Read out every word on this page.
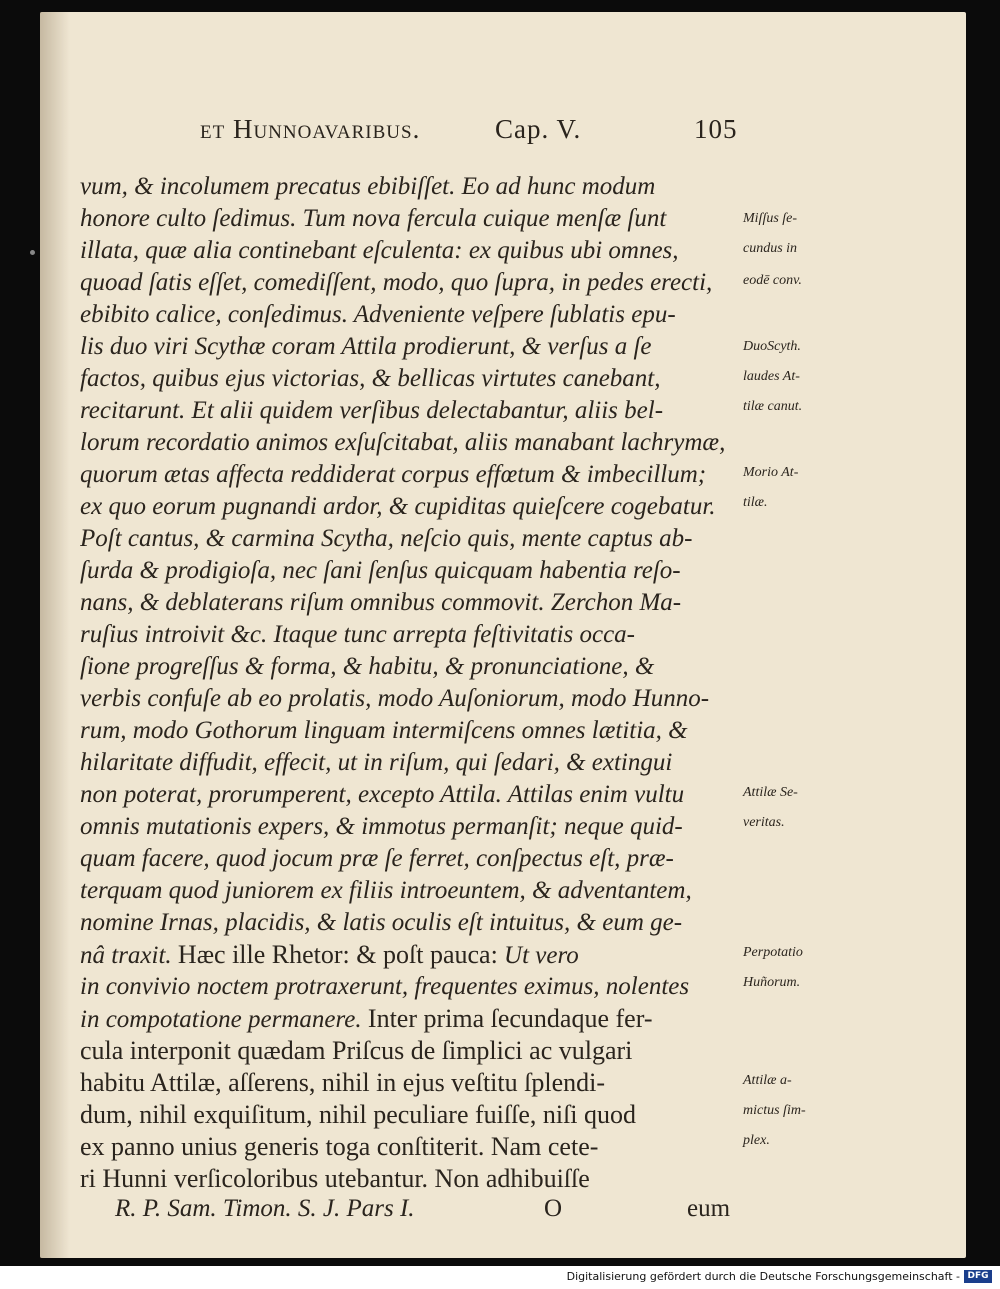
et Hunnoavaribus.	Cap. V.	105
vum, & incolumem precatus ebibiſſet. Eo ad hunc modum
honore culto ſedimus. Tum nova fercula cuique menſæ ſunt
illata, quæ alia continebant eſculenta: ex quibus ubi omnes,
quoad ſatis eſſet, comediſſent, modo, quo ſupra, in pedes erecti,
ebibito calice, conſedimus. Adveniente veſpere ſublatis epu-
lis duo viri Scythæ coram Attila prodierunt, & verſus a ſe
factos, quibus ejus victorias, & bellicas virtutes canebant,
recitarunt. Et alii quidem verſibus delectabantur, aliis bel-
lorum recordatio animos exſuſcitabat, aliis manabant lachrymæ,
quorum ætas affecta reddiderat corpus effœtum & imbecillum;
ex quo eorum pugnandi ardor, & cupiditas quieſcere cogebatur.
Poſt cantus, & carmina Scytha, neſcio quis, mente captus ab-
ſurda & prodigioſa, nec ſani ſenſus quicquam habentia reſo-
nans, & deblaterans riſum omnibus commovit. Zerchon Ma-
ruſius introivit &c. Itaque tunc arrepta feſtivitatis occa-
ſione progreſſus & forma, & habitu, & pronunciatione, &
verbis confuſe ab eo prolatis, modo Auſoniorum, modo Hunno-
rum, modo Gothorum linguam intermiſcens omnes lætitia, &
hilaritate diffudit, effecit, ut in riſum, qui ſedari, & extingui
non poterat, prorumperent, excepto Attila. Attilas enim vultu
omnis mutationis expers, & immotus permanſit; neque quid-
quam facere, quod jocum præ ſe ferret, conſpectus eſt, præ-
terquam quod juniorem ex filiis introeuntem, & adventantem,
nomine Irnas, placidis, & latis oculis eſt intuitus, & eum ge-
nâ traxit. Hæc ille Rhetor: & poſt pauca: Ut vero
in convivio noctem protraxerunt, frequentes eximus, nolentes
in compotatione permanere. Inter prima ſecundaque fer-
cula interponit quædam Priſcus de ſimplici ac vulgari
habitu Attilæ, aſſerens, nihil in ejus veſtitu ſplendi-
dum, nihil exquiſitum, nihil peculiare fuiſſe, niſi quod
ex panno unius generis toga conſtiterit. Nam cete-
ri Hunni verſicoloribus utebantur. Non adhibuiſſe
Miſſus ſe-
cundus in
eodē conv.
DuoScyth.
laudes At-
tilæ canut.
Morio At-
tilæ.
Attilæ Se-
veritas.
Perpotatio
Huñorum.
Attilæ a-
mictus ſim-
plex.
R. P. Sam. Timon. S. J. Pars I.	O	eum
Digitalisierung gefördert durch die Deutsche Forschungsgemeinschaft - DFG
